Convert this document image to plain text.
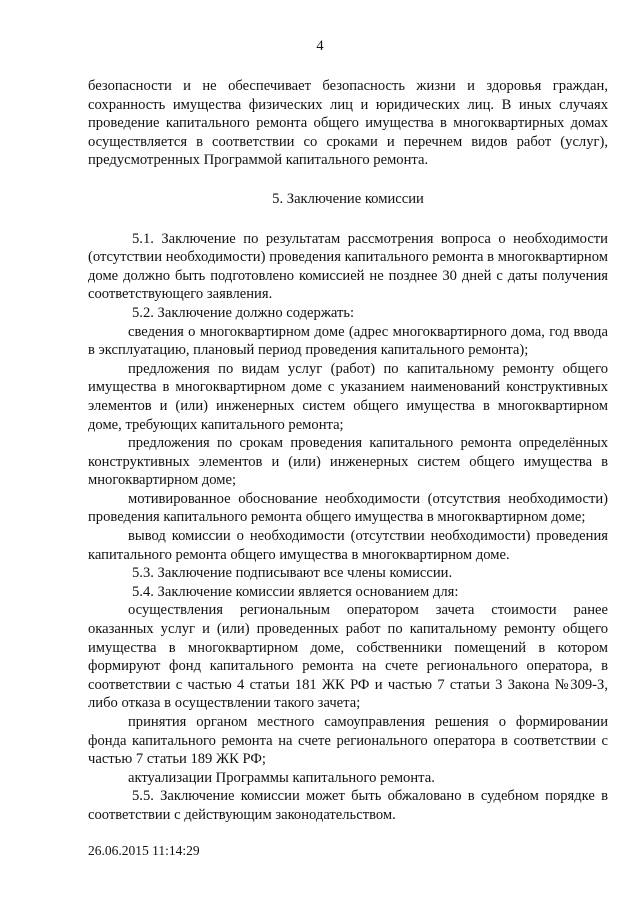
4

безопасности и не обеспечивает безопасность жизни и здоровья граждан, сохранность имущества физических лиц и юридических лиц. В иных случаях проведение капитального ремонта общего имущества в многоквартирных домах осуществляется в соответствии со сроками и перечнем видов работ (услуг), предусмотренных Программой капитального ремонта.

5. Заключение комиссии

5.1. Заключение по результатам рассмотрения вопроса о необходимости (отсутствии необходимости) проведения капитального ремонта в многоквартирном доме должно быть подготовлено комиссией не позднее 30 дней с даты получения соответствующего заявления.

5.2. Заключение должно содержать:

сведения о многоквартирном доме (адрес многоквартирного дома, год ввода в эксплуатацию, плановый период проведения капитального ремонта);

предложения по видам услуг (работ) по капитальному ремонту общего имущества в многоквартирном доме с указанием наименований конструктивных элементов и (или) инженерных систем общего имущества в многоквартирном доме, требующих капитального ремонта;

предложения по срокам проведения капитального ремонта определённых конструктивных элементов и (или) инженерных систем общего имущества в многоквартирном доме;

мотивированное обоснование необходимости (отсутствия необходимости) проведения капитального ремонта общего имущества в многоквартирном доме;

вывод комиссии о необходимости (отсутствии необходимости) проведения капитального ремонта общего имущества в многоквартирном доме.

5.3. Заключение подписывают все члены комиссии.

5.4. Заключение комиссии является основанием для:

осуществления региональным оператором зачета стоимости ранее оказанных услуг и (или) проведенных работ по капитальному ремонту общего имущества в многоквартирном доме, собственники помещений в котором формируют фонд капитального ремонта на счете регионального оператора, в соответствии с частью 4 статьи 181 ЖК РФ и частью 7 статьи 3 Закона №309-З, либо отказа в осуществлении такого зачета;

принятия органом местного самоуправления решения о формировании фонда капитального ремонта на счете регионального оператора в соответствии с частью 7 статьи 189 ЖК РФ;

актуализации Программы капитального ремонта.

5.5. Заключение комиссии может быть обжаловано в судебном порядке в соответствии с действующим законодательством.

26.06.2015 11:14:29
